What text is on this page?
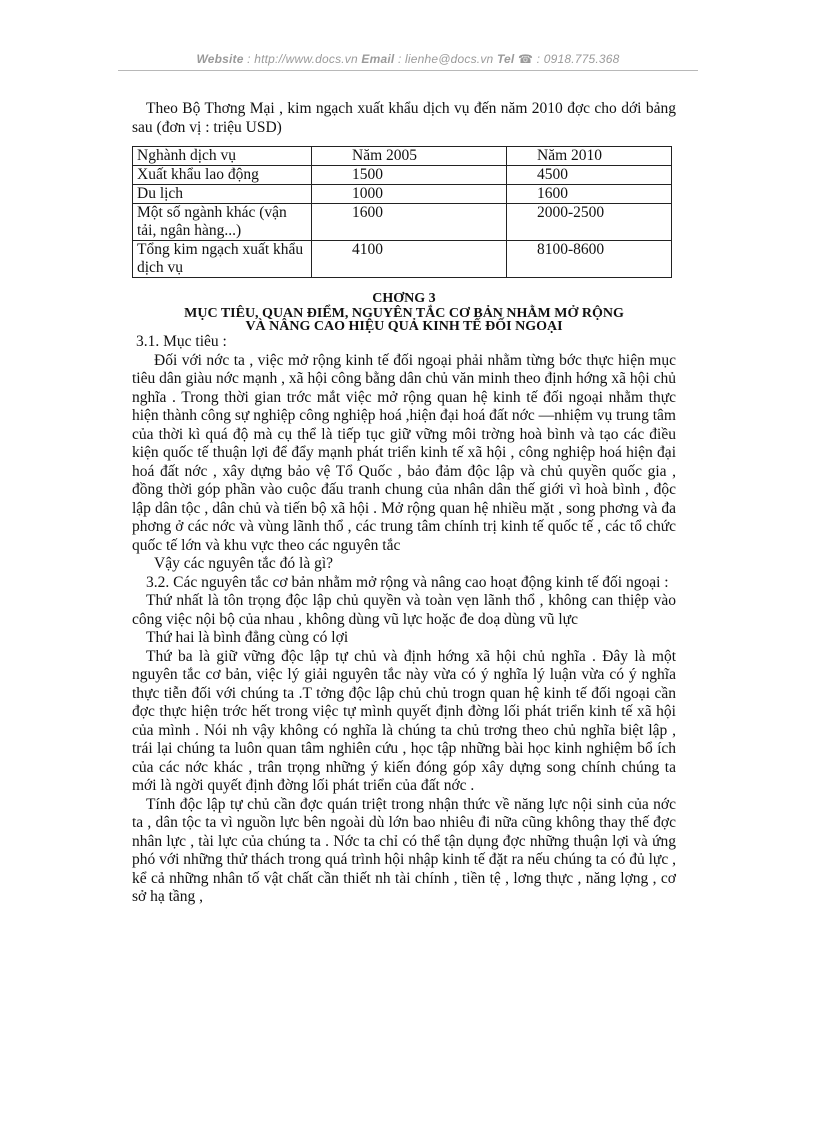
Website : http://www.docs.vn Email : lienhe@docs.vn Tel ☎ : 0918.775.368

Theo Bộ Thơng Mại , kim ngạch xuất khẩu dịch vụ đến năm 2010 đợc cho dới bảng sau (đơn vị : triệu USD)

Nghành dịch vụ	Năm 2005	Năm 2010
Xuất khẩu lao động	1500	4500
Du lịch	1000	1600
Một số ngành khác (vận tải, ngân hàng...)	1600	2000-2500
Tổng kim ngạch xuất khẩu dịch vụ	4100	8100-8600
CHƠNG 3
MỤC TIÊU, QUAN ĐIỂM, NGUYÊN TẮC CƠ BẢN NHẰM MỞ RỘNG
VÀ NÂNG CAO HIỆU QUẢ KINH TẾ ĐỐI NGOẠI

3.1. Mục tiêu :

Đối với nớc ta , việc mở rộng kinh tế đối ngoại phải nhằm từng bớc thực hiện mục tiêu dân giàu nớc mạnh , xã hội công bằng dân chủ văn minh theo định hớng xã hội chủ nghĩa . Trong thời gian trớc mắt việc mở rộng quan hệ kinh tế đối ngoại nhằm thực hiện thành công sự nghiệp công nghiệp hoá ,hiện đại hoá đất nớc —nhiệm vụ trung tâm của thời kì quá độ mà cụ thể là tiếp tục giữ vững môi trờng hoà bình và tạo các điều kiện quốc tế thuận lợi để đẩy mạnh phát triển kinh tế xã hội , công nghiệp hoá hiện đại hoá đất nớc , xây dựng bảo vệ Tổ Quốc , bảo đảm độc lập và chủ quyền quốc gia , đồng thời góp phần vào cuộc đấu tranh chung của nhân dân thế giới vì hoà bình , độc lập dân tộc , dân chủ và tiến bộ xã hội . Mở rộng quan hệ nhiều mặt , song phơng và đa phơng ở các nớc và vùng lãnh thổ , các trung tâm chính trị kinh tế quốc tế , các tổ chức quốc tế lớn và khu vực theo các nguyên tắc

Vậy các nguyên tắc đó là gì?

3.2. Các nguyên tắc cơ bản nhằm mở rộng và nâng cao hoạt động kinh tế đối ngoại :

Thứ nhất là tôn trọng độc lập chủ quyền và toàn vẹn lãnh thổ , không can thiệp vào công việc nội bộ của nhau , không dùng vũ lực hoặc đe doạ dùng vũ lực

Thứ hai là bình đẳng cùng có lợi

Thứ ba là giữ vững độc lập tự chủ và định hớng xã hội chủ nghĩa . Đây là một nguyên tắc cơ bản, việc lý giải nguyên tắc này vừa có ý nghĩa lý luận vừa có ý nghĩa thực tiễn đối với chúng ta .T tởng độc lập chủ chủ trogn quan hệ kinh tế đối ngoại cần đợc thực hiện trớc hết trong việc tự mình quyết định đờng lối phát triển kinh tế xã hội của mình . Nói nh vậy không có nghĩa là chúng ta chủ trơng theo chủ nghĩa biệt lập , trái lại chúng ta luôn quan tâm nghiên cứu , học tập những bài học kinh nghiệm bổ ích của các nớc khác , trân trọng những ý kiến đóng góp xây dựng song chính chúng ta mới là ngời quyết định đờng lối phát triển của đất nớc .

Tính độc lập tự chủ cần đợc quán triệt trong nhận thức về năng lực nội sinh của nớc ta , dân tộc ta vì nguồn lực bên ngoài dù lớn bao nhiêu đi nữa cũng không thay thế đợc nhân lực , tài lực của chúng ta . Nớc ta chỉ có thể tận dụng đợc những thuận lợi và ứng phó với những thử thách trong quá trình hội nhập kinh tế đặt ra nếu chúng ta có đủ lực , kể cả những nhân tố vật chất cần thiết nh tài chính , tiền tệ , lơng thực , năng lợng , cơ sở hạ tầng ,
